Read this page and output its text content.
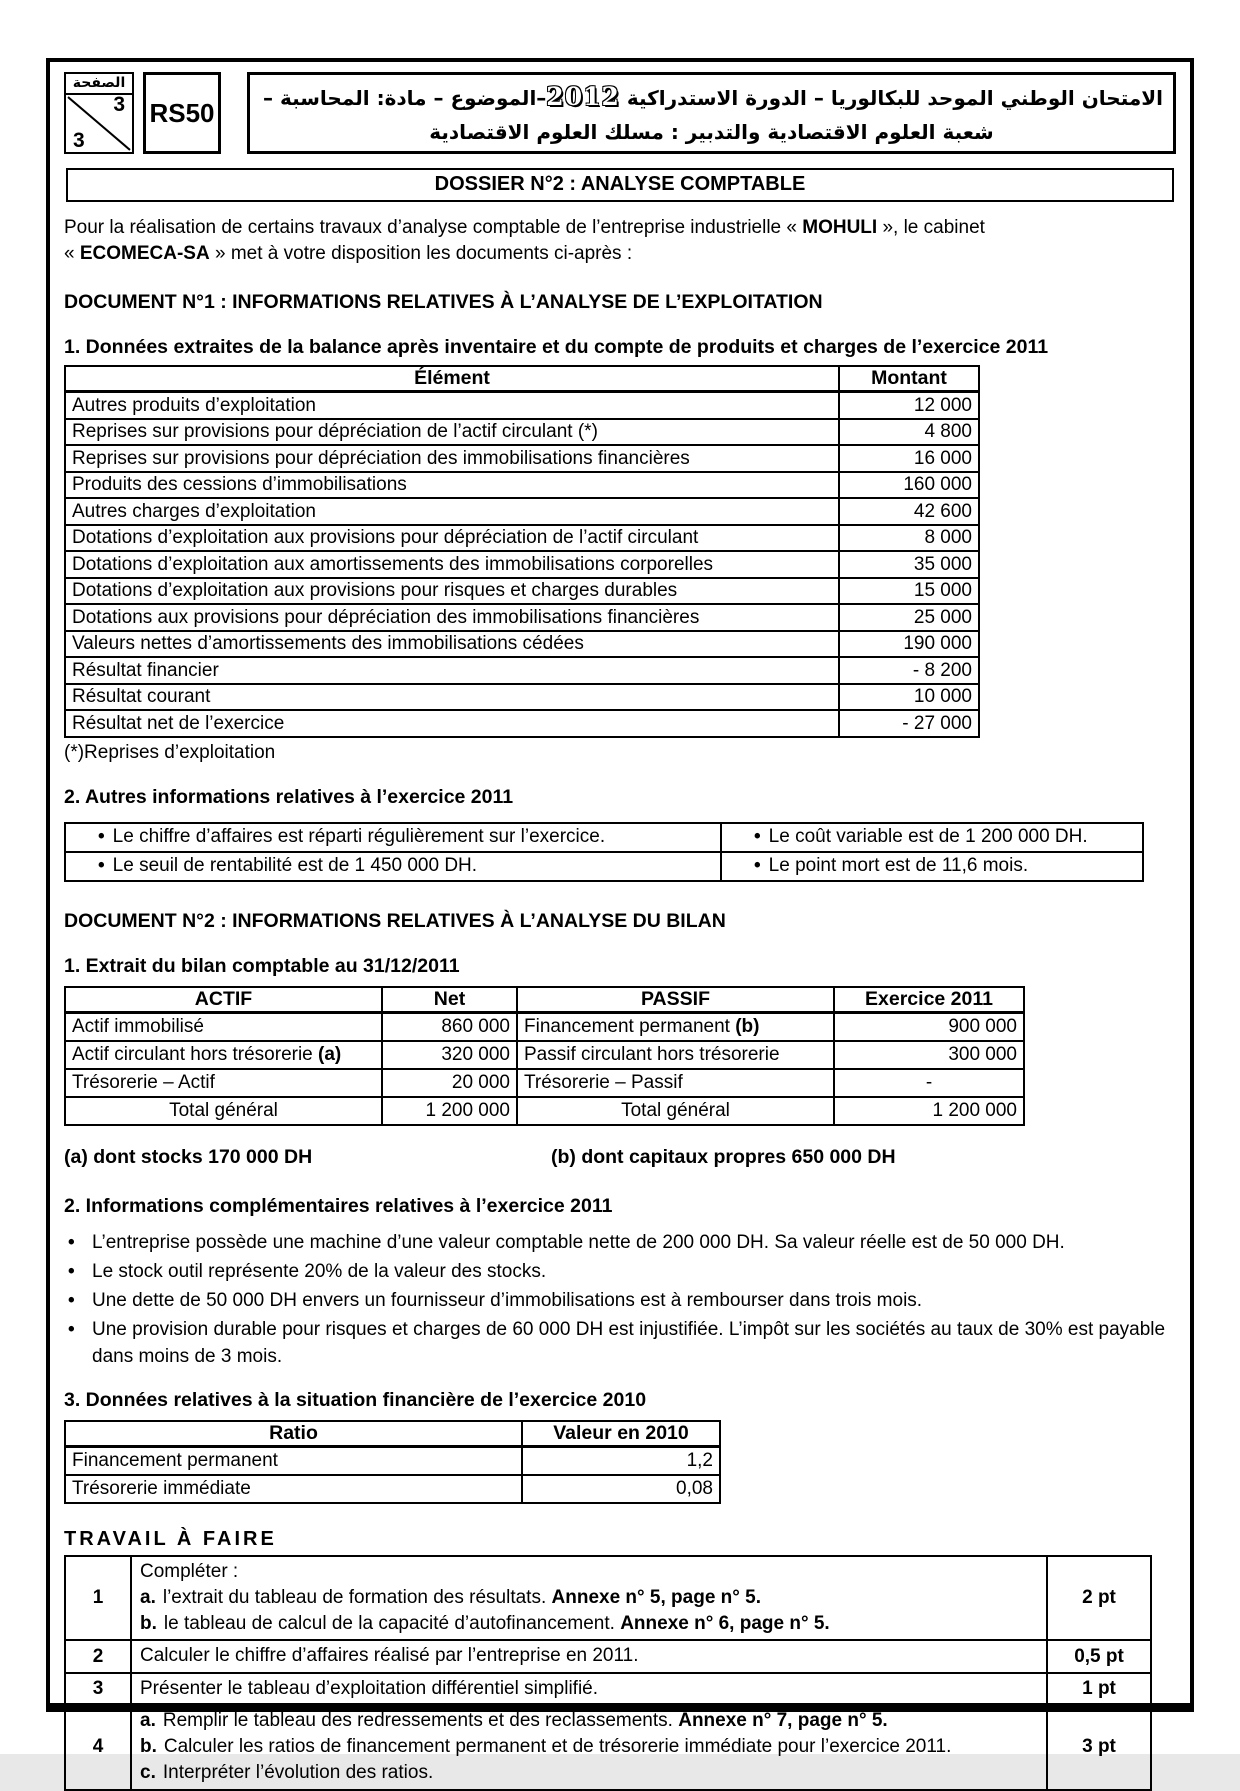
الصفحة
3
3
RS50	الامتحان الوطني الموحد للبكالوريا – الدورة الاستدراكية 2012–الموضوع – مادة: المحاسبة –
شعبة العلوم الاقتصادية والتدبير : مسلك العلوم الاقتصادية
DOSSIER N°2 : ANALYSE COMPTABLE
Pour la réalisation de certains travaux d’analyse comptable de l’entreprise industrielle « MOHULI », le cabinet
« ECOMECA-SA » met à votre disposition les documents ci-après :
DOCUMENT N°1 : INFORMATIONS RELATIVES À L’ANALYSE DE L’EXPLOITATION
1. Données extraites de la balance après inventaire et du compte de produits et charges de l’exercice 2011
Élément	Montant
Autres produits d’exploitation	12 000
Reprises sur provisions pour dépréciation de l’actif circulant (*)	4 800
Reprises sur provisions pour dépréciation des immobilisations financières	16 000
Produits des cessions d’immobilisations	160 000
Autres charges d’exploitation	42 600
Dotations d’exploitation aux provisions pour dépréciation de l’actif circulant	8 000
Dotations d’exploitation aux amortissements des immobilisations corporelles	35 000
Dotations d’exploitation aux provisions pour risques et charges durables	15 000
Dotations aux provisions pour dépréciation des immobilisations financières	25 000
Valeurs nettes d’amortissements des immobilisations cédées	190 000
Résultat financier	- 8 200
Résultat courant	10 000
Résultat net de l’exercice	- 27 000
(*)Reprises d’exploitation
2. Autres informations relatives à l’exercice 2011
• Le chiffre d’affaires est réparti régulièrement sur l’exercice.	• Le coût variable est de 1 200 000 DH.
• Le seuil de rentabilité est de 1 450 000 DH.	• Le point mort est de 11,6 mois.
DOCUMENT N°2 : INFORMATIONS RELATIVES À L’ANALYSE DU BILAN
1. Extrait du bilan comptable au 31/12/2011
ACTIF	Net	PASSIF	Exercice 2011
Actif immobilisé	860 000	Financement permanent (b)	900 000
Actif circulant hors trésorerie (a)	320 000	Passif circulant hors trésorerie	300 000
Trésorerie – Actif	20 000	Trésorerie – Passif	-
Total général	1 200 000	Total général	1 200 000
(a) dont stocks 170 000 DH	(b) dont capitaux propres 650 000 DH
2. Informations complémentaires relatives à l’exercice 2011
• L’entreprise possède une machine d’une valeur comptable nette de 200 000 DH. Sa valeur réelle est de 50 000 DH.
• Le stock outil représente 20% de la valeur des stocks.
• Une dette de 50 000 DH envers un fournisseur d’immobilisations est à rembourser dans trois mois.
• Une provision durable pour risques et charges de 60 000 DH est injustifiée. L’impôt sur les sociétés au taux de 30% est payable dans moins de 3 mois.
3. Données relatives à la situation financière de l’exercice 2010
Ratio	Valeur en 2010
Financement permanent	1,2
Trésorerie immédiate	0,08
TRAVAIL À FAIRE
1	Compléter :
a. l’extrait du tableau de formation des résultats. Annexe n° 5, page n° 5.
b. le tableau de calcul de la capacité d’autofinancement. Annexe n° 6, page n° 5.	2 pt
2	Calculer le chiffre d’affaires réalisé par l’entreprise en 2011.	0,5 pt
3	Présenter le tableau d’exploitation différentiel simplifié.	1 pt
4	a. Remplir le tableau des redressements et des reclassements. Annexe n° 7, page n° 5.
b. Calculer les ratios de financement permanent et de trésorerie immédiate pour l’exercice 2011.
c. Interpréter l’évolution des ratios.	3 pt
